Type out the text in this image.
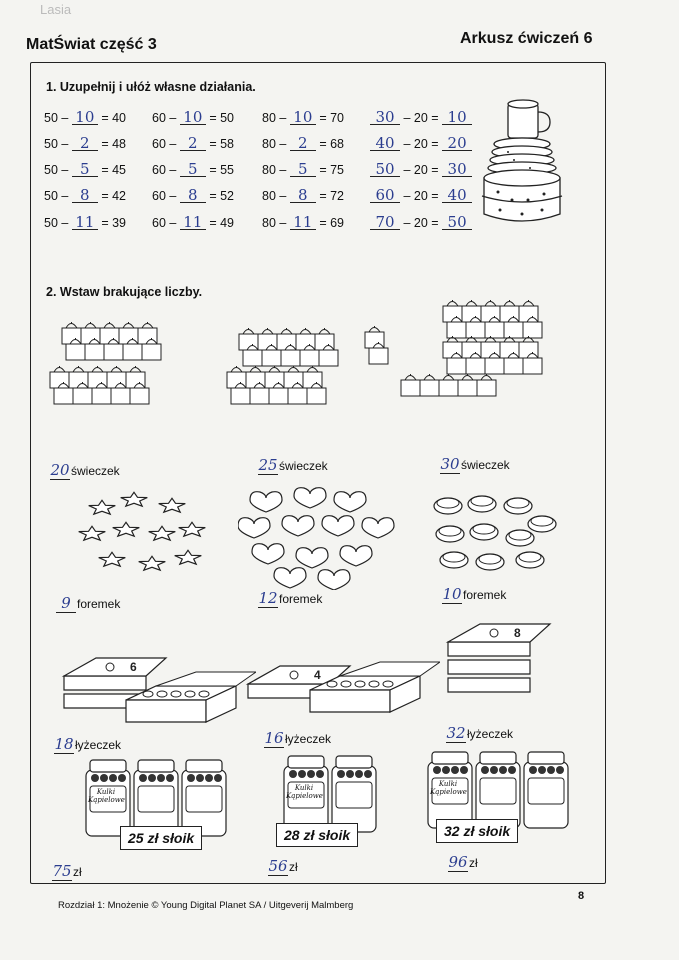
Lasia
MatŚwiat część 3	Arkusz ćwiczeń 6
1. Uzupełnij i ułóż własne działania.
50 – 10 = 40
50 – 2 = 48
50 – 5 = 45
50 – 8 = 42
50 – 11 = 39
60 – 10 = 50
60 – 2 = 58
60 – 5 = 55
60 – 8 = 52
60 – 11 = 49
80 – 10 = 70
80 – 2 = 68
80 – 5 = 75
80 – 8 = 72
80 – 11 = 69
30 – 20 = 10
40 – 20 = 20
50 – 20 = 30
60 – 20 = 40
70 – 20 = 50
2. Wstaw brakujące liczby.
6
4
8
20świeczek	25świeczek	30świeczek
9 foremek	12foremek	10foremek
18łyżeczek	16łyżeczek	32łyżeczek
25 zł słoik	28 zł słoik	32 zł słoik
75zł	56zł	96zł
Kulki Kąpielowe
Kulki Kąpielowe
Kulki Kąpielowe
Rozdział 1: Mnożenie © Young Digital Planet SA / Uitgeverij Malmberg
8
